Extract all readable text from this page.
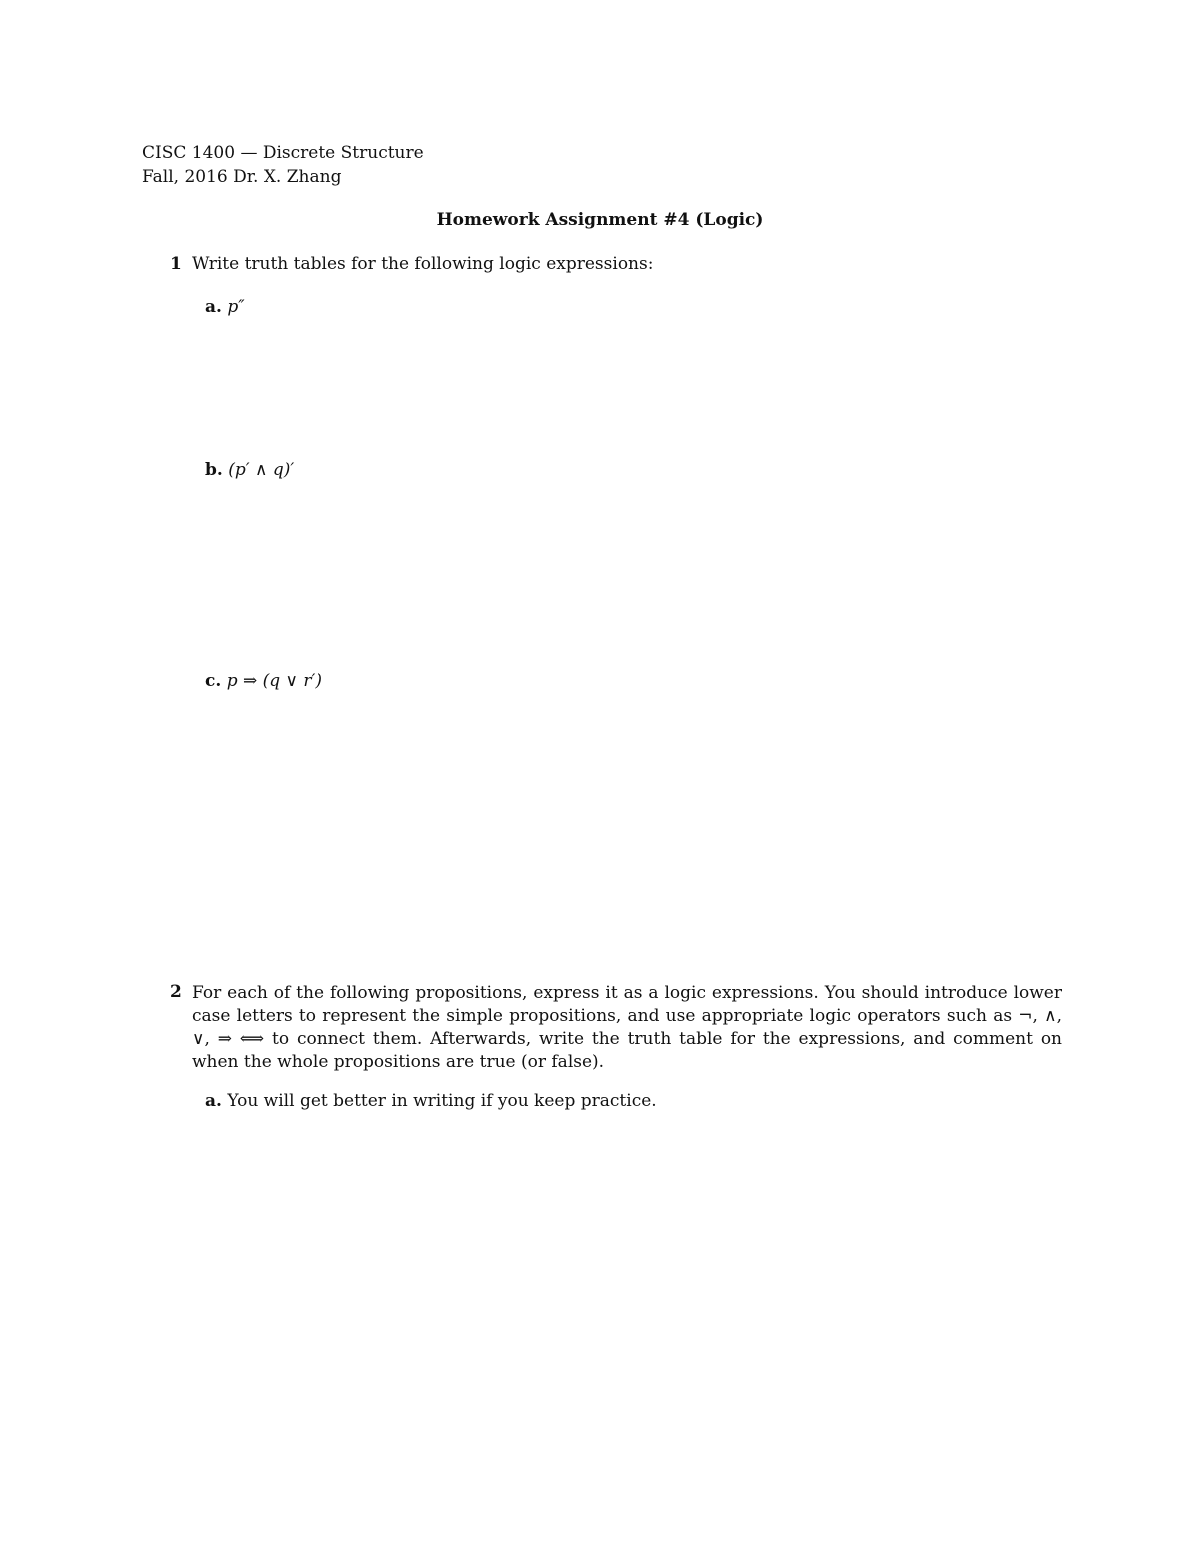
CISC 1400 — Discrete Structure
Fall, 2016 Dr. X. Zhang
Homework Assignment #4 (Logic)
1 Write truth tables for the following logic expressions:
a. p″
b. (p′ ∧ q)′
c. p ⇒ (q ∨ r′)
2 For each of the following propositions, express it as a logic expressions. You should introduce lower case letters to represent the simple propositions, and use appropriate logic operators such as ¬, ∧, ∨, ⇒ ⟺ to connect them. Afterwards, write the truth table for the expressions, and comment on when the whole propositions are true (or false).
a. You will get better in writing if you keep practice.
